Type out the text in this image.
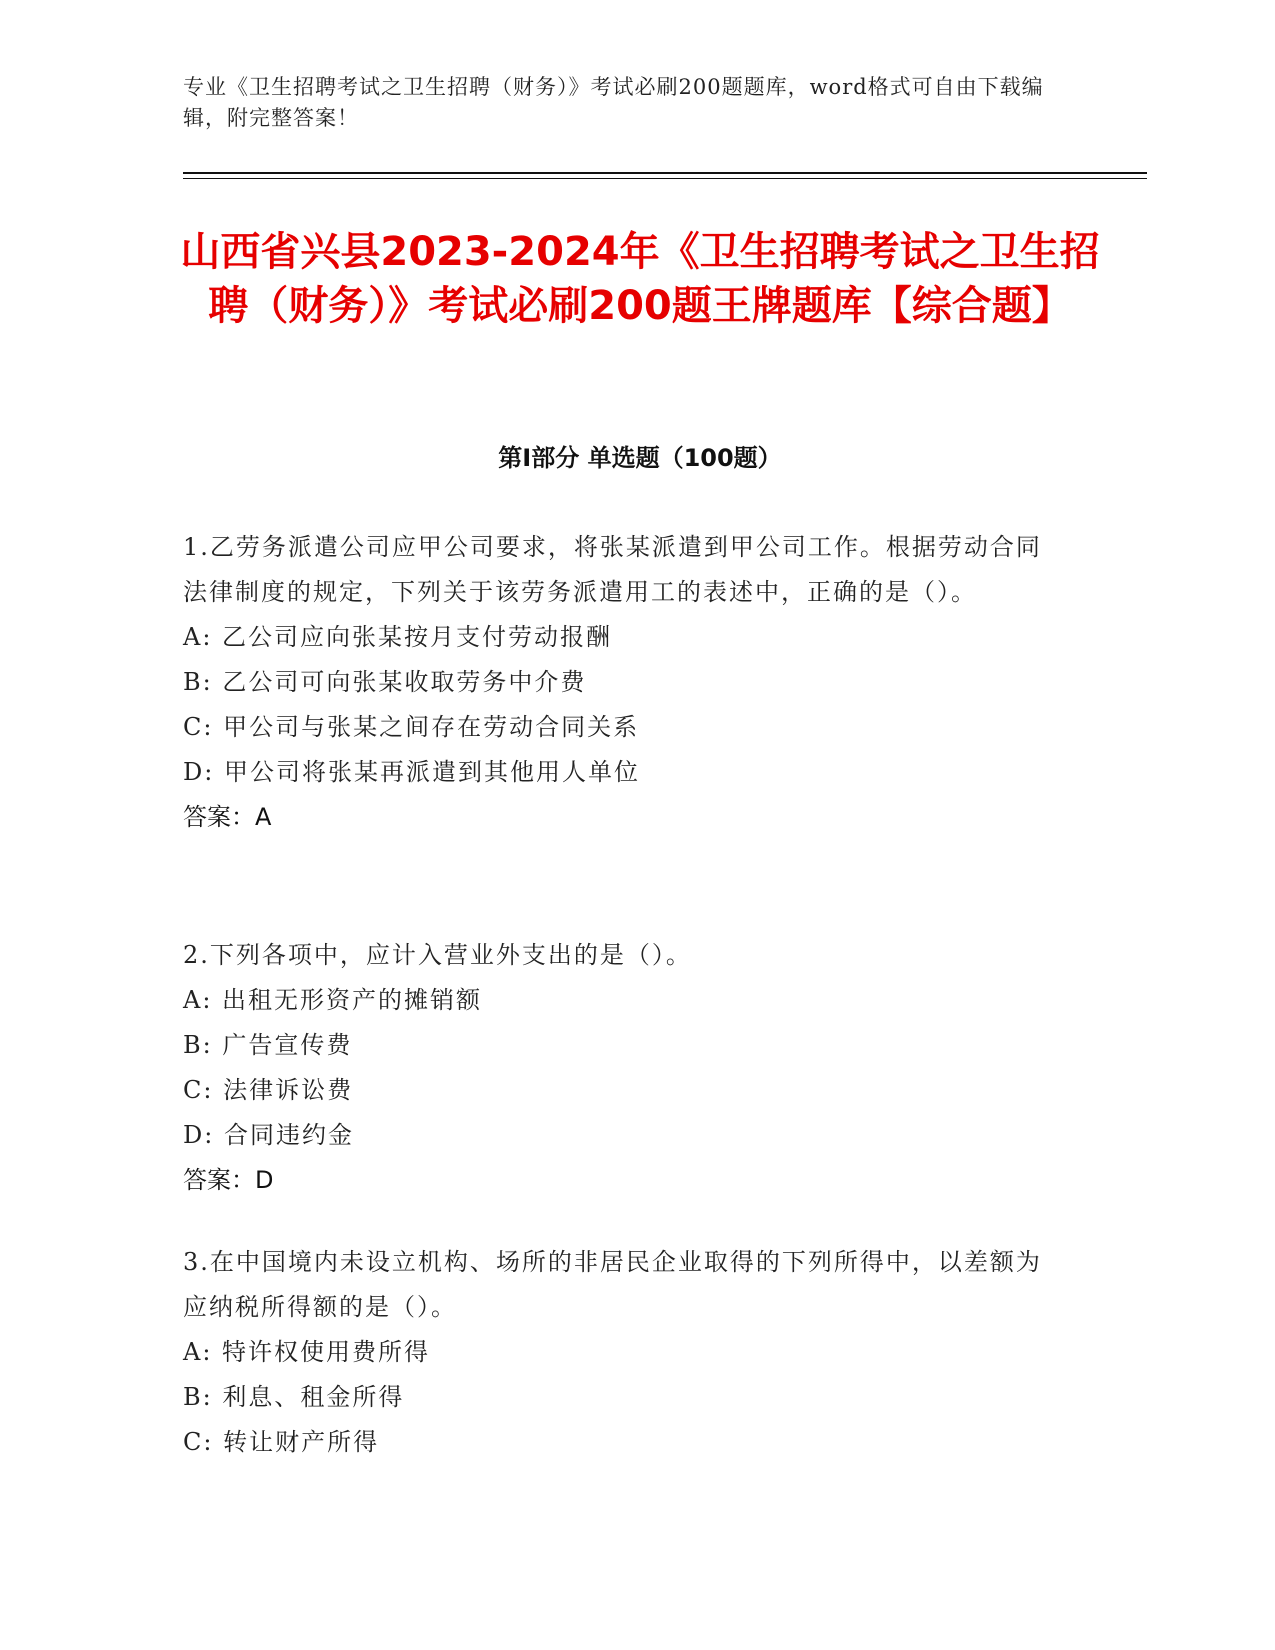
专业《卫生招聘考试之卫生招聘（财务）》考试必刷200题题库，word格式可自由下载编辑，附完整答案！
山西省兴县2023-2024年《卫生招聘考试之卫生招聘（财务）》考试必刷200题王牌题库【综合题】
第Ⅰ部分 单选题（100题）

1.乙劳务派遣公司应甲公司要求，将张某派遣到甲公司工作。根据劳动合同法律制度的规定，下列关于该劳务派遣用工的表述中，正确的是（）。

A: 乙公司应向张某按月支付劳动报酬

B: 乙公司可向张某收取劳务中介费

C: 甲公司与张某之间存在劳动合同关系

D: 甲公司将张某再派遣到其他用人单位

答案：A

2.下列各项中，应计入营业外支出的是（）。

A: 出租无形资产的摊销额

B: 广告宣传费

C: 法律诉讼费

D: 合同违约金

答案：D

3.在中国境内未设立机构、场所的非居民企业取得的下列所得中，以差额为应纳税所得额的是（）。

A: 特许权使用费所得

B: 利息、租金所得

C: 转让财产所得
